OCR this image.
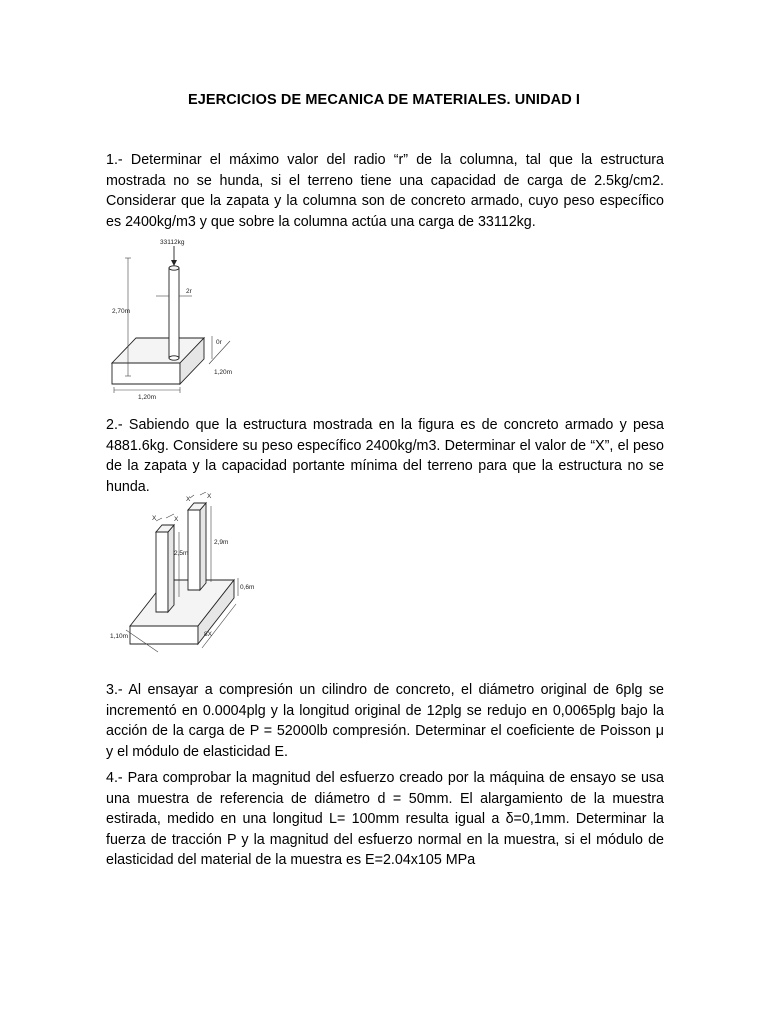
EJERCICIOS DE MECANICA DE MATERIALES. UNIDAD I

1.- Determinar el máximo valor del radio “r” de la columna, tal que la estructura mostrada no se hunda, si el terreno tiene una capacidad de carga de 2.5kg/cm2. Considerar que la zapata y la columna son de concreto armado, cuyo peso específico es 2400kg/m3 y que sobre la columna actúa una carga de 33112kg.

33112kg
2r
2,70m
0r
1,20m
1,20m

2.- Sabiendo que la estructura mostrada en la figura es de concreto armado y pesa 4881.6kg. Considere su peso específico 2400kg/m3. Determinar el valor de “X”, el peso de la zapata y la capacidad portante mínima del terreno para que la estructura no se hunda.

X	X
X	X
2,5m
2,9m
0,6m
1,10m	8X

3.- Al ensayar a compresión un cilindro de concreto, el diámetro original de 6plg se incrementó en 0.0004plg y la longitud original de 12plg se redujo en 0,0065plg bajo la acción de la carga de P = 52000lb compresión. Determinar el coeficiente de Poisson μ y el módulo de elasticidad E.

4.- Para comprobar la magnitud del esfuerzo creado por la máquina de ensayo se usa una muestra de referencia de diámetro d = 50mm. El alargamiento de la muestra estirada, medido en una longitud L= 100mm resulta igual a δ=0,1mm. Determinar la fuerza de tracción P y la magnitud del esfuerzo normal en la muestra, si el módulo de elasticidad del material de la muestra es E=2.04x105 MPa
